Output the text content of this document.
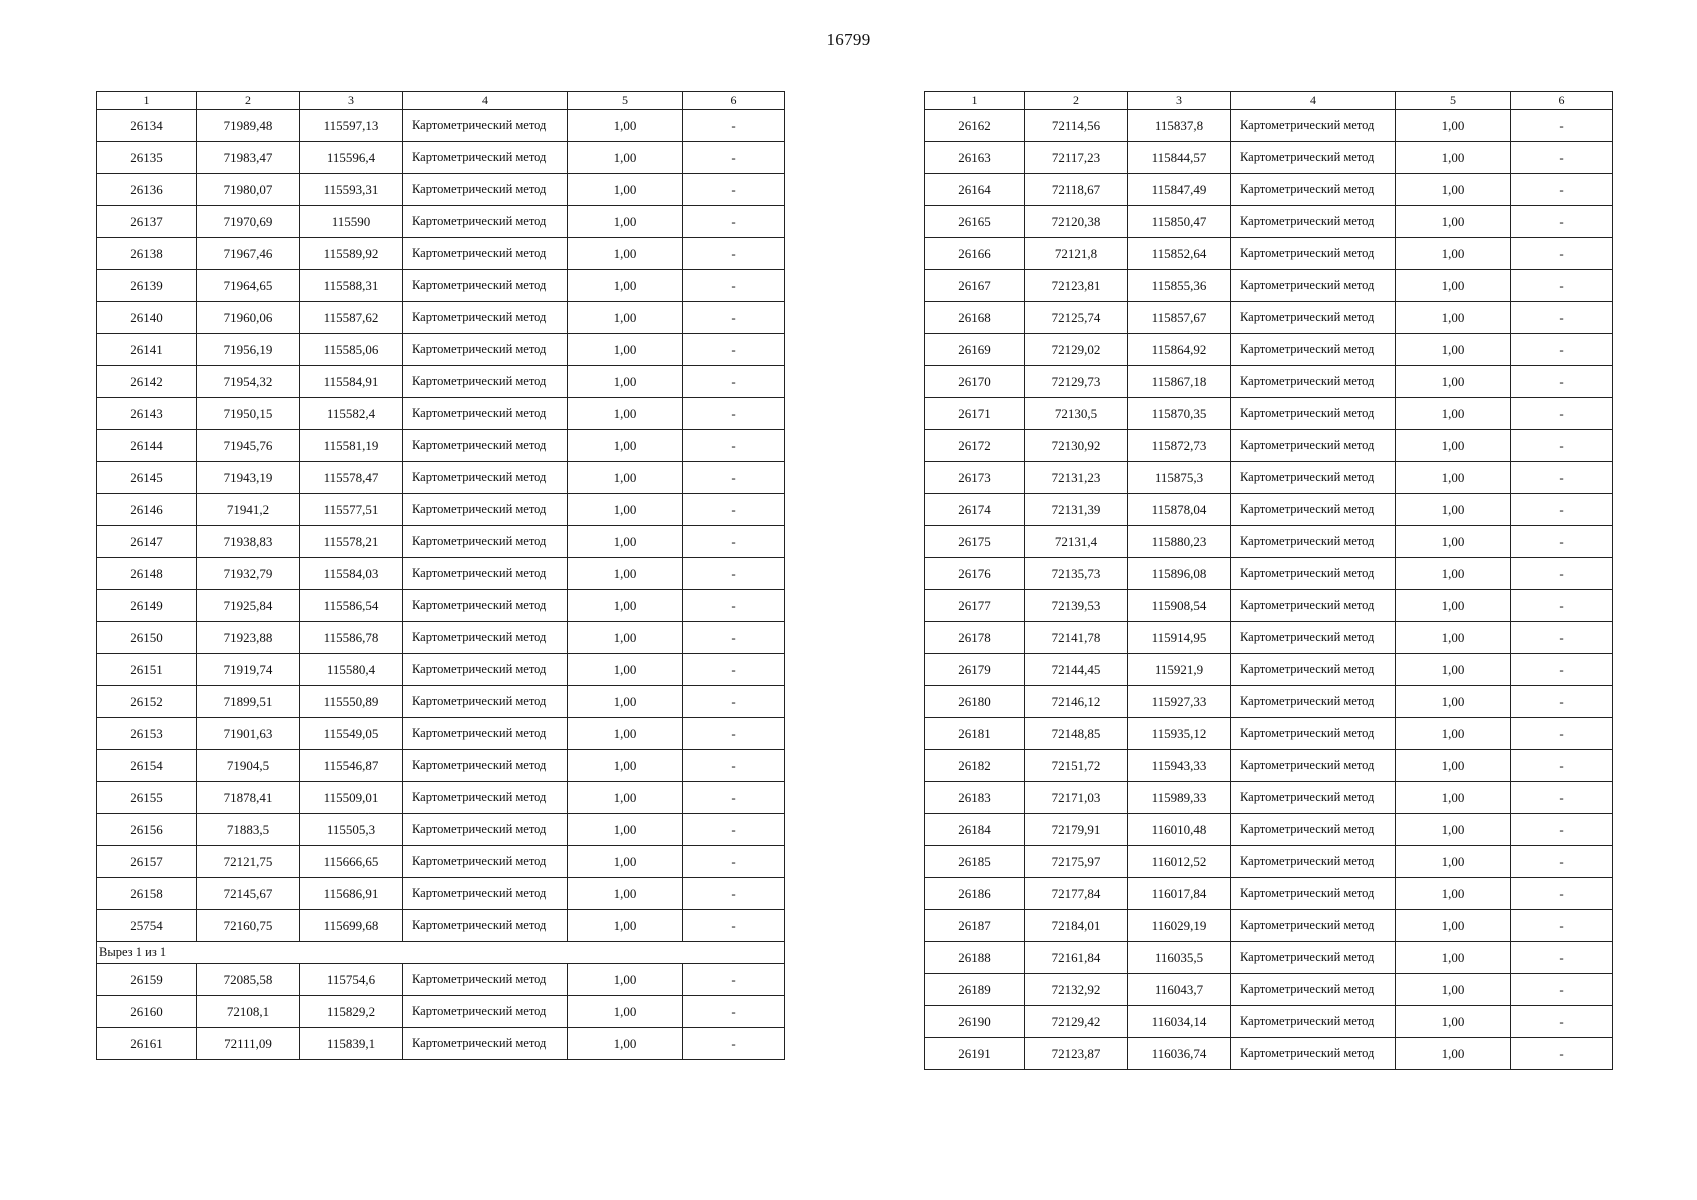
16799
1	2	3	4	5	6
26134	71989,48	115597,13	Картометрический метод	1,00	-
26135	71983,47	115596,4	Картометрический метод	1,00	-
26136	71980,07	115593,31	Картометрический метод	1,00	-
26137	71970,69	115590	Картометрический метод	1,00	-
26138	71967,46	115589,92	Картометрический метод	1,00	-
26139	71964,65	115588,31	Картометрический метод	1,00	-
26140	71960,06	115587,62	Картометрический метод	1,00	-
26141	71956,19	115585,06	Картометрический метод	1,00	-
26142	71954,32	115584,91	Картометрический метод	1,00	-
26143	71950,15	115582,4	Картометрический метод	1,00	-
26144	71945,76	115581,19	Картометрический метод	1,00	-
26145	71943,19	115578,47	Картометрический метод	1,00	-
26146	71941,2	115577,51	Картометрический метод	1,00	-
26147	71938,83	115578,21	Картометрический метод	1,00	-
26148	71932,79	115584,03	Картометрический метод	1,00	-
26149	71925,84	115586,54	Картометрический метод	1,00	-
26150	71923,88	115586,78	Картометрический метод	1,00	-
26151	71919,74	115580,4	Картометрический метод	1,00	-
26152	71899,51	115550,89	Картометрический метод	1,00	-
26153	71901,63	115549,05	Картометрический метод	1,00	-
26154	71904,5	115546,87	Картометрический метод	1,00	-
26155	71878,41	115509,01	Картометрический метод	1,00	-
26156	71883,5	115505,3	Картометрический метод	1,00	-
26157	72121,75	115666,65	Картометрический метод	1,00	-
26158	72145,67	115686,91	Картометрический метод	1,00	-
25754	72160,75	115699,68	Картометрический метод	1,00	-
Вырез 1 из 1					
26159	72085,58	115754,6	Картометрический метод	1,00	-
26160	72108,1	115829,2	Картометрический метод	1,00	-
26161	72111,09	115839,1	Картометрический метод	1,00	-
1	2	3	4	5	6
26162	72114,56	115837,8	Картометрический метод	1,00	-
26163	72117,23	115844,57	Картометрический метод	1,00	-
26164	72118,67	115847,49	Картометрический метод	1,00	-
26165	72120,38	115850,47	Картометрический метод	1,00	-
26166	72121,8	115852,64	Картометрический метод	1,00	-
26167	72123,81	115855,36	Картометрический метод	1,00	-
26168	72125,74	115857,67	Картометрический метод	1,00	-
26169	72129,02	115864,92	Картометрический метод	1,00	-
26170	72129,73	115867,18	Картометрический метод	1,00	-
26171	72130,5	115870,35	Картометрический метод	1,00	-
26172	72130,92	115872,73	Картометрический метод	1,00	-
26173	72131,23	115875,3	Картометрический метод	1,00	-
26174	72131,39	115878,04	Картометрический метод	1,00	-
26175	72131,4	115880,23	Картометрический метод	1,00	-
26176	72135,73	115896,08	Картометрический метод	1,00	-
26177	72139,53	115908,54	Картометрический метод	1,00	-
26178	72141,78	115914,95	Картометрический метод	1,00	-
26179	72144,45	115921,9	Картометрический метод	1,00	-
26180	72146,12	115927,33	Картометрический метод	1,00	-
26181	72148,85	115935,12	Картометрический метод	1,00	-
26182	72151,72	115943,33	Картометрический метод	1,00	-
26183	72171,03	115989,33	Картометрический метод	1,00	-
26184	72179,91	116010,48	Картометрический метод	1,00	-
26185	72175,97	116012,52	Картометрический метод	1,00	-
26186	72177,84	116017,84	Картометрический метод	1,00	-
26187	72184,01	116029,19	Картометрический метод	1,00	-
26188	72161,84	116035,5	Картометрический метод	1,00	-
26189	72132,92	116043,7	Картометрический метод	1,00	-
26190	72129,42	116034,14	Картометрический метод	1,00	-
26191	72123,87	116036,74	Картометрический метод	1,00	-
